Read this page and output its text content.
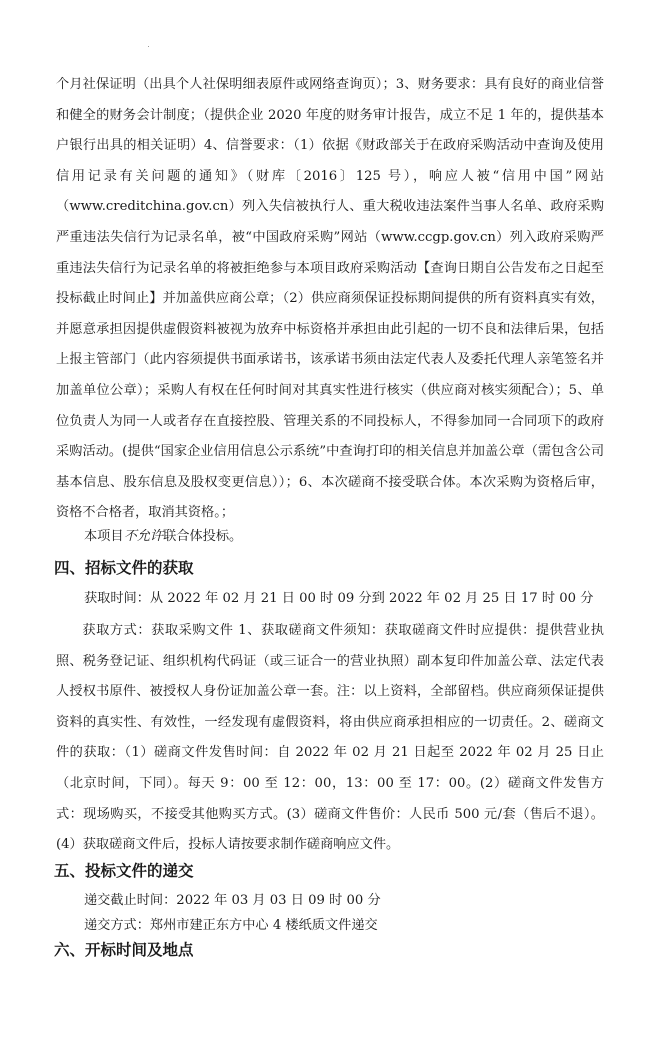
个月社保证明（出具个人社保明细表原件或网络查询页）；3、财务要求：具有良好的商业信誉和健全的财务会计制度；（提供企业 2020 年度的财务审计报告，成立不足 1 年的，提供基本户银行出具的相关证明）4、信誉要求：（1）依据《财政部关于在政府采购活动中查询及使用信用记录有关问题的通知》（财库〔2016〕125 号），响应人被“信用中国”网站（www.creditchina.gov.cn）列入失信被执行人、重大税收违法案件当事人名单、政府采购严重违法失信行为记录名单，被“中国政府采购”网站（www.ccgp.gov.cn）列入政府采购严重违法失信行为记录名单的将被拒绝参与本项目政府采购活动【查询日期自公告发布之日起至投标截止时间止】并加盖供应商公章；（2）供应商须保证投标期间提供的所有资料真实有效，并愿意承担因提供虚假资料被视为放弃中标资格并承担由此引起的一切不良和法律后果，包括上报主管部门（此内容须提供书面承诺书，该承诺书须由法定代表人及委托代理人亲笔签名并加盖单位公章）；采购人有权在任何时间对其真实性进行核实（供应商对核实须配合）；5、单位负责人为同一人或者存在直接控股、管理关系的不同投标人，不得参加同一合同项下的政府采购活动。(提供“国家企业信用信息公示系统”中查询打印的相关信息并加盖公章（需包含公司基本信息、股东信息及股权变更信息））；6、本次磋商不接受联合体。本次采购为资格后审，资格不合格者，取消其资格。；

本项目不允许联合体投标。
四、招标文件的获取
获取时间：从 2022 年 02 月 21 日 00 时 09 分到 2022 年 02 月 25 日 17 时 00 分

获取方式：获取采购文件 1、获取磋商文件须知：获取磋商文件时应提供：提供营业执照、税务登记证、组织机构代码证（或三证合一的营业执照）副本复印件加盖公章、法定代表人授权书原件、被授权人身份证加盖公章一套。注：以上资料，全部留档。供应商须保证提供资料的真实性、有效性，一经发现有虚假资料，将由供应商承担相应的一切责任。2、磋商文件的获取：（1）磋商文件发售时间：自 2022 年 02 月 21 日起至 2022 年 02 月 25 日止（北京时间，下同）。每天 9：00 至 12：00，13：00 至 17：00。(2）磋商文件发售方式：现场购买，不接受其他购买方式。(3）磋商文件售价：人民币 500 元/套（售后不退）。(4）获取磋商文件后，投标人请按要求制作磋商响应文件。

五、投标文件的递交
递交截止时间：2022 年 03 月 03 日 09 时 00 分
递交方式：郑州市建正东方中心 4 楼纸质文件递交
六、开标时间及地点
